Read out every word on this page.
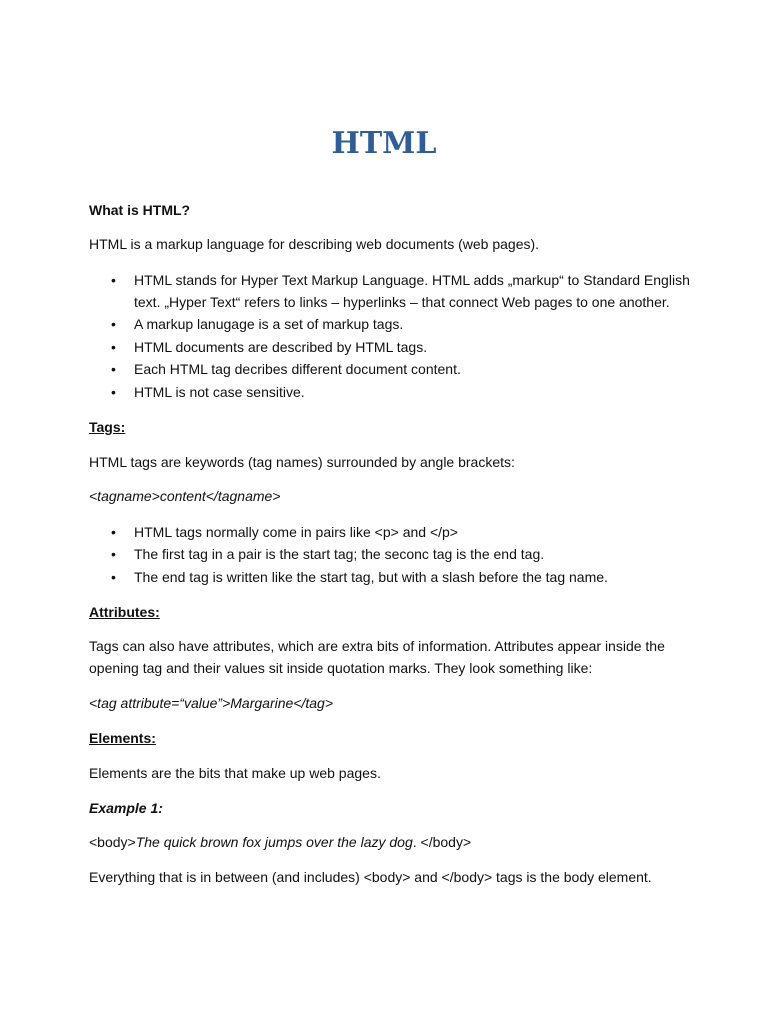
HTML

What is HTML?

HTML is a markup language for describing web documents (web pages).

•	HTML stands for Hyper Text Markup Language. HTML adds „markup“ to Standard English

text. „Hyper Text“ refers to links – hyperlinks – that connect Web pages to one another.

•	A markup lanugage is a set of markup tags.

•	HTML documents are described by HTML tags.

•	Each HTML tag decribes different document content.

•	HTML is not case sensitive.

Tags:

HTML tags are keywords (tag names) surrounded by angle brackets:

<tagname>content</tagname>

•	HTML tags normally come in pairs like <p> and </p>

•	The first tag in a pair is the start tag; the seconc tag is the end tag.

•	The end tag is written like the start tag, but with a slash before the tag name.

Attributes:

Tags can also have attributes, which are extra bits of information. Attributes appear inside the

opening tag and their values sit inside quotation marks. They look something like:

<tag attribute=“value”>Margarine</tag>

Elements:

Elements are the bits that make up web pages.

Example 1:

<body>The quick brown fox jumps over the lazy dog. </body>

Everything that is in between (and includes) <body> and </body> tags is the body element.
